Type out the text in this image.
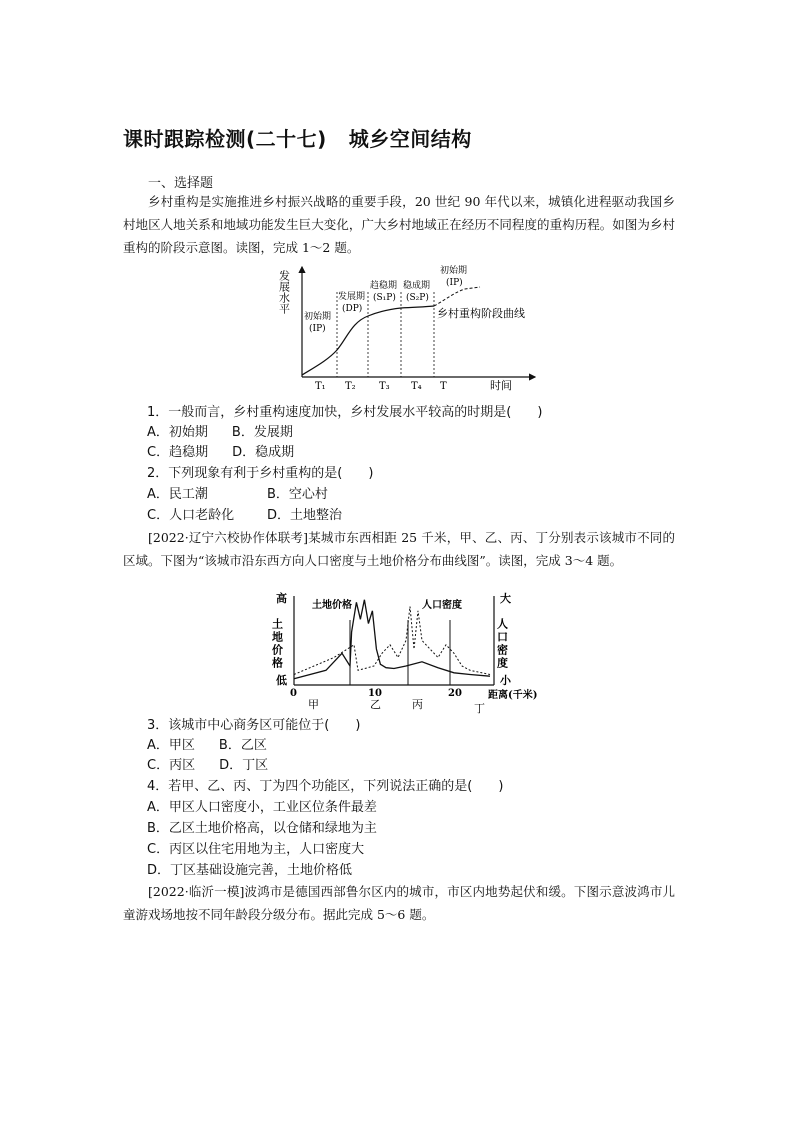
课时跟踪检测(二十七) 城乡空间结构
一、选择题
乡村重构是实施推进乡村振兴战略的重要手段，20 世纪 90 年代以来，城镇化进程驱动我国乡村地区人地关系和地域功能发生巨大变化，广大乡村地域正在经历不同程度的重构历程。如图为乡村重构的阶段示意图。读图，完成 1～2 题。
发展水平	乡村重构阶段曲线
初始期
(IP)
发展期
(DP)
趋稳期
(S₁P)
稳成期
(S₂P)
初始期
(IP)
T₁ T₂ T₃ T₄ T	时间
1．一般而言，乡村重构速度加快，乡村发展水平较高的时期是(　　)
A．初始期 B．发展期
C．趋稳期 D．稳成期
2．下列现象有利于乡村重构的是(　　)
A．民工潮	B．空心村
C．人口老龄化	D．土地整治
[2022·辽宁六校协作体联考]某城市东西相距 25 千米，甲、乙、丙、丁分别表示该城市不同的区域。下图为“该城市沿东西方向人口密度与土地价格分布曲线图”。读图，完成 3～4 题。
高
土地价格
低
大
人口密度
小
土地价格	人口密度
0	10	20	距离(千米)
甲	乙	丙	丁
3．该城市中心商务区可能位于(　　)
A．甲区 B．乙区
C．丙区 D．丁区
4．若甲、乙、丙、丁为四个功能区，下列说法正确的是(　　)
A．甲区人口密度小，工业区位条件最差
B．乙区土地价格高，以仓储和绿地为主
C．丙区以住宅用地为主，人口密度大
D．丁区基础设施完善，土地价格低
[2022·临沂一模]波鸿市是德国西部鲁尔区内的城市，市区内地势起伏和缓。下图示意波鸿市儿童游戏场地按不同年龄段分级分布。据此完成 5～6 题。
